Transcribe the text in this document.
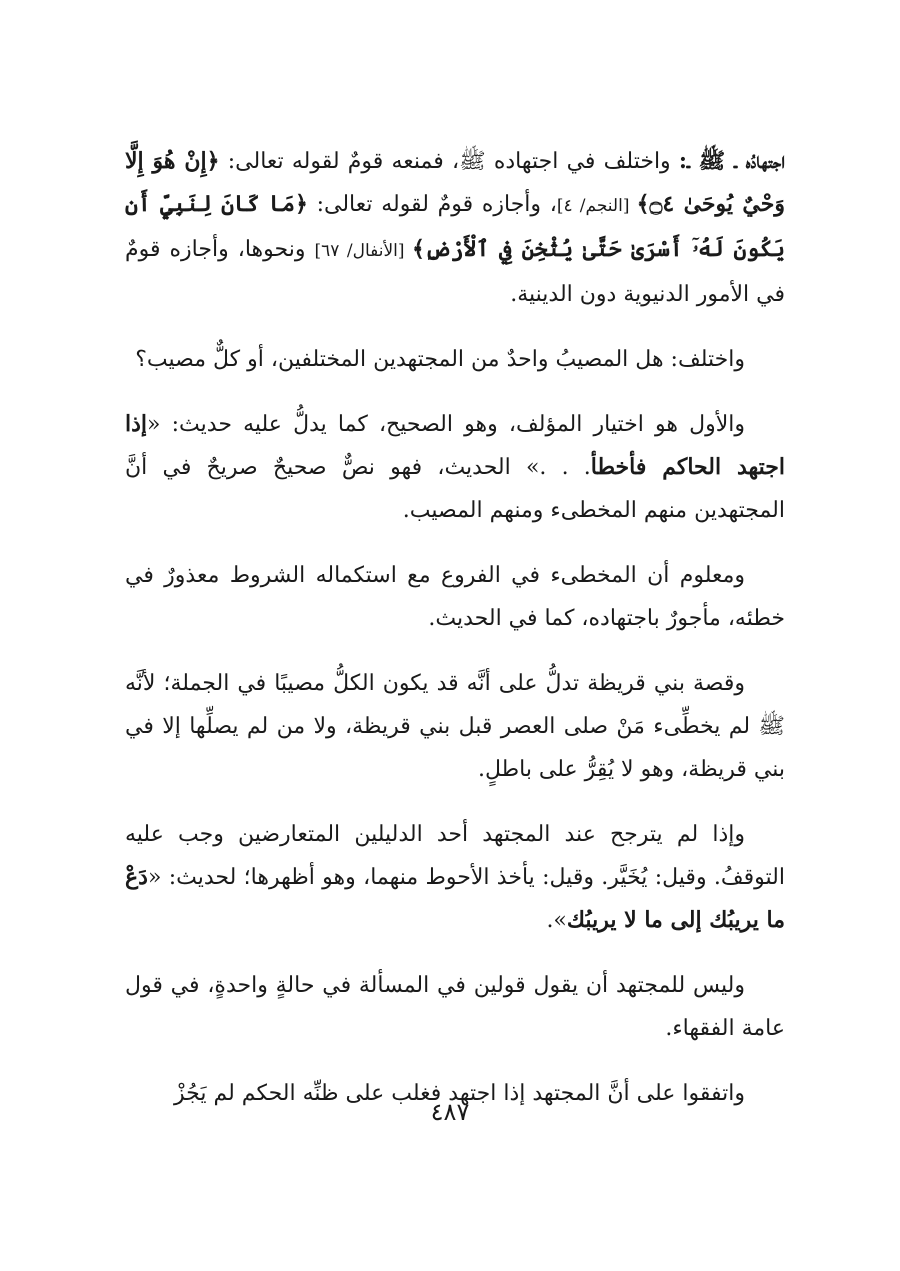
اجتهادُه ـ ﷺ ـ: واختلف في اجتهاده ﷺ، فمنعه قومٌ لقوله تعالى: ﴿إِنْ هُوَ إِلَّا وَحْيٌ يُوحَىٰ ۝٤﴾ [النجم/ ٤]، وأجازه قومٌ لقوله تعالى: ﴿مَا كَانَ لِنَبِيٍّ أَن يَكُونَ لَهُۥٓ أَسْرَىٰ حَتَّىٰ يُثْخِنَ فِي ٱلْأَرْضِ﴾ [الأنفال/ ٦٧] ونحوها، وأجازه قومٌ في الأمور الدنيوية دون الدينية.

واختلف: هل المصيبُ واحدٌ من المجتهدين المختلفين، أو كلٌّ مصيب؟

والأول هو اختيار المؤلف، وهو الصحيح، كما يدلُّ عليه حديث: «إذا اجتهد الحاكم فأخطأ. . .» الحديث، فهو نصٌّ صحيحٌ صريحٌ في أنَّ المجتهدين منهم المخطىء ومنهم المصيب.

ومعلوم أن المخطىء في الفروع مع استكماله الشروط معذورٌ في خطئه، مأجورٌ باجتهاده، كما في الحديث.

وقصة بني قريظة تدلُّ على أنَّه قد يكون الكلُّ مصيبًا في الجملة؛ لأنَّه ﷺ لم يخطِّىء مَنْ صلى العصر قبل بني قريظة، ولا من لم يصلِّها إلا في بني قريظة، وهو لا يُقِرُّ على باطلٍ.

وإذا لم يترجح عند المجتهد أحد الدليلين المتعارضين وجب عليه التوقفُ. وقيل: يُخَيَّر. وقيل: يأخذ الأحوط منهما، وهو أظهرها؛ لحديث: «دَعْ ما يريبُك إلى ما لا يريبُك».

وليس للمجتهد أن يقول قولين في المسألة في حالةٍ واحدةٍ، في قول عامة الفقهاء.

واتفقوا على أنَّ المجتهد إذا اجتهد فغلب على ظنِّه الحكم لم يَجُزْ

٤٨٧
